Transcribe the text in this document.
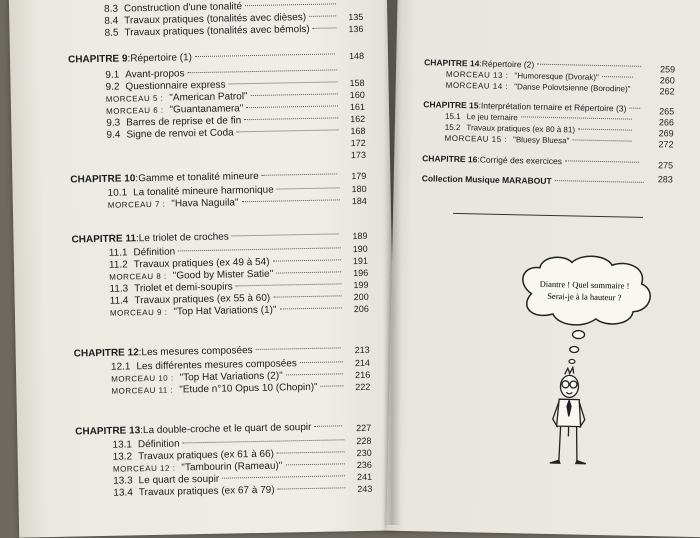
8.3 Construction d'une tonalité
8.4 Travaux pratiques (tonalités avec dièses)	135
8.5 Travaux pratiques (tonalités avec bémols)	136
CHAPITRE 9 : Répertoire (1)	148
9.1 Avant-propos
9.2 Questionnaire express	158
MORCEAU 5 : "American Patrol"	160
MORCEAU 6 : "Guantanamera"	161
9.3 Barres de reprise et de fin	162
9.4 Signe de renvoi et Coda	168
172
173
CHAPITRE 10 : Gamme et tonalité mineure	179
10.1 La tonalité mineure harmonique	180
MORCEAU 7 : "Hava Naguila"	184
CHAPITRE 11 : Le triolet de croches	189
11.1 Définition	190
11.2 Travaux pratiques (ex 49 à 54)	191
MORCEAU 8 : "Good by Mister Satie"	196
11.3 Triolet et demi-soupirs	199
11.4 Travaux pratiques (ex 55 à 60)	200
MORCEAU 9 : "Top Hat Variations (1)"	206
CHAPITRE 12 : Les mesures composées	213
12.1 Les différentes mesures composées	214
MORCEAU 10 : "Top Hat Variations (2)"	216
MORCEAU 11 : "Etude n°10 Opus 10 (Chopin)"	222
CHAPITRE 13 : La double-croche et le quart de soupir	227
13.1 Définition	228
13.2 Travaux pratiques (ex 61 à 66)	230
MORCEAU 12 : "Tambourin (Rameau)"	236
13.3 Le quart de soupir	241
13.4 Travaux pratiques (ex 67 à 79)	243
CHAPITRE 14 : Répertoire (2)	259
MORCEAU 13 : "Humoresque (Dvorak)"	260
MORCEAU 14 : "Danse Polovtsienne (Borodine)"	262
CHAPITRE 15 : Interprétation ternaire et Répertoire (3)	265
15.1 Le jeu ternaire	266
15.2 Travaux pratiques (ex 80 à 81)	269
MORCEAU 15 : "Bluesy Bluesa"	272
CHAPITRE 16 : Corrigé des exercices	275
Collection Musique MARABOUT	283
Diantre ! Quel sommaire !
Serai-je à la hauteur ?
